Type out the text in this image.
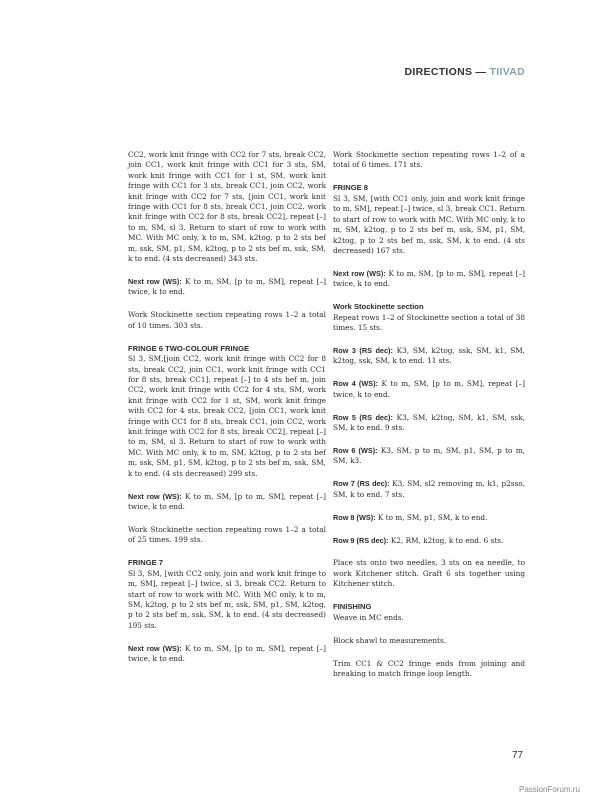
DIRECTIONS — TIIVAD

CC2, work knit fringe with CC2 for 7 sts, break CC2, join CC1, work knit fringe with CC1 for 3 sts, SM, work knit fringe with CC1 for 1 st, SM, work knit fringe with CC1 for 3 sts, break CC1, join CC2, work knit fringe with CC2 for 7 sts, [join CC1, work knit fringe with CC1 for 8 sts, break CC1, join CC2, work knit fringe with CC2 for 8 sts, break CC2], repeat [–] to m, SM, sl 3. Return to start of row to work with MC. With MC only, k to m, SM, k2tog, p to 2 sts bef m, ssk, SM, p1, SM, k2tog, p to 2 sts bef m, ssk, SM, k to end. (4 sts decreased) 343 sts.

Next row (WS): K to m, SM, [p to m, SM], repeat [–] twice, k to end.

Work Stockinette section repeating rows 1–2 a total of 10 times. 303 sts.

FRINGE 6 TWO-COLOUR FRINGE

Sl 3, SM,[join CC2, work knit fringe with CC2 for 8 sts, break CC2, join CC1, work knit fringe with CC1 for 8 sts, break CC1], repeat [–] to 4 sts bef m, join CC2, work knit fringe with CC2 for 4 sts, SM, work knit fringe with CC2 for 1 st, SM, work knit fringe with CC2 for 4 sts, break CC2, [join CC1, work knit fringe with CC1 for 8 sts, break CC1, join CC2, work knit fringe with CC2 for 8 sts, break CC2], repeat [–] to m, SM, sl 3. Return to start of row to work with MC. With MC only, k to m, SM, k2tog, p to 2 sts bef m, ssk, SM, p1, SM, k2tog, p to 2 sts bef m, ssk, SM, k to end. (4 sts decreased) 299 sts.

Next row (WS): K to m, SM, [p to m, SM], repeat [–] twice, k to end.

Work Stockinette section repeating rows 1–2 a total of 25 times. 199 sts.

FRINGE 7

Sl 3, SM, [with CC2 only, join and work knit fringe to m, SM], repeat [–] twice, sl 3, break CC2. Return to start of row to work with MC. With MC only, k to m, SM, k2tog, p to 2 sts bef m, ssk, SM, p1, SM, k2tog, p to 2 sts bef m, ssk, SM, k to end. (4 sts decreased) 195 sts.

Next row (WS): K to m, SM, [p to m, SM], repeat [–] twice, k to end.

Work Stockinette section repeating rows 1–2 of a total of 6 times. 171 sts.

FRINGE 8

Sl 3, SM, [with CC1 only, join and work knit fringe to m, SM], repeat [–] twice, sl 3, break CC1. Return to start of row to work with MC. With MC only, k to m, SM, k2tog, p to 2 sts bef m, ssk, SM, p1, SM, k2tog, p to 2 sts bef m, ssk, SM, k to end. (4 sts decreased) 167 sts.

Next row (WS): K to m, SM, [p to m, SM], repeat [–] twice, k to end.

Work Stockinette section

Repeat rows 1–2 of Stockinette section a total of 38 times. 15 sts.

Row 3 (RS dec): K3, SM, k2tog, ssk, SM, k1, SM, k2tog, ssk, SM, k to end. 11 sts.

Row 4 (WS): K to m, SM, [p to m, SM], repeat [–] twice, k to end.

Row 5 (RS dec): K3, SM, k2tog, SM, k1, SM, ssk, SM, k to end. 9 sts.

Row 6 (WS): K3, SM, p to m, SM, p1, SM, p to m, SM, k3.

Row 7 (RS dec): K3, SM, sl2 removing m, k1, p2sso, SM, k to end. 7 sts.

Row 8 (WS): K to m, SM, p1, SM, k to end.

Row 9 (RS dec): K2, RM, k2tog, k to end. 6 sts.

Place sts onto two needles, 3 sts on ea needle, to work Kitchener stitch. Graft 6 sts together using Kitchener stitch.

FINISHING

Weave in MC ends.

Block shawl to measurements.

Trim CC1 & CC2 fringe ends from joining and breaking to match fringe loop length.

77
PassionForum.ru
